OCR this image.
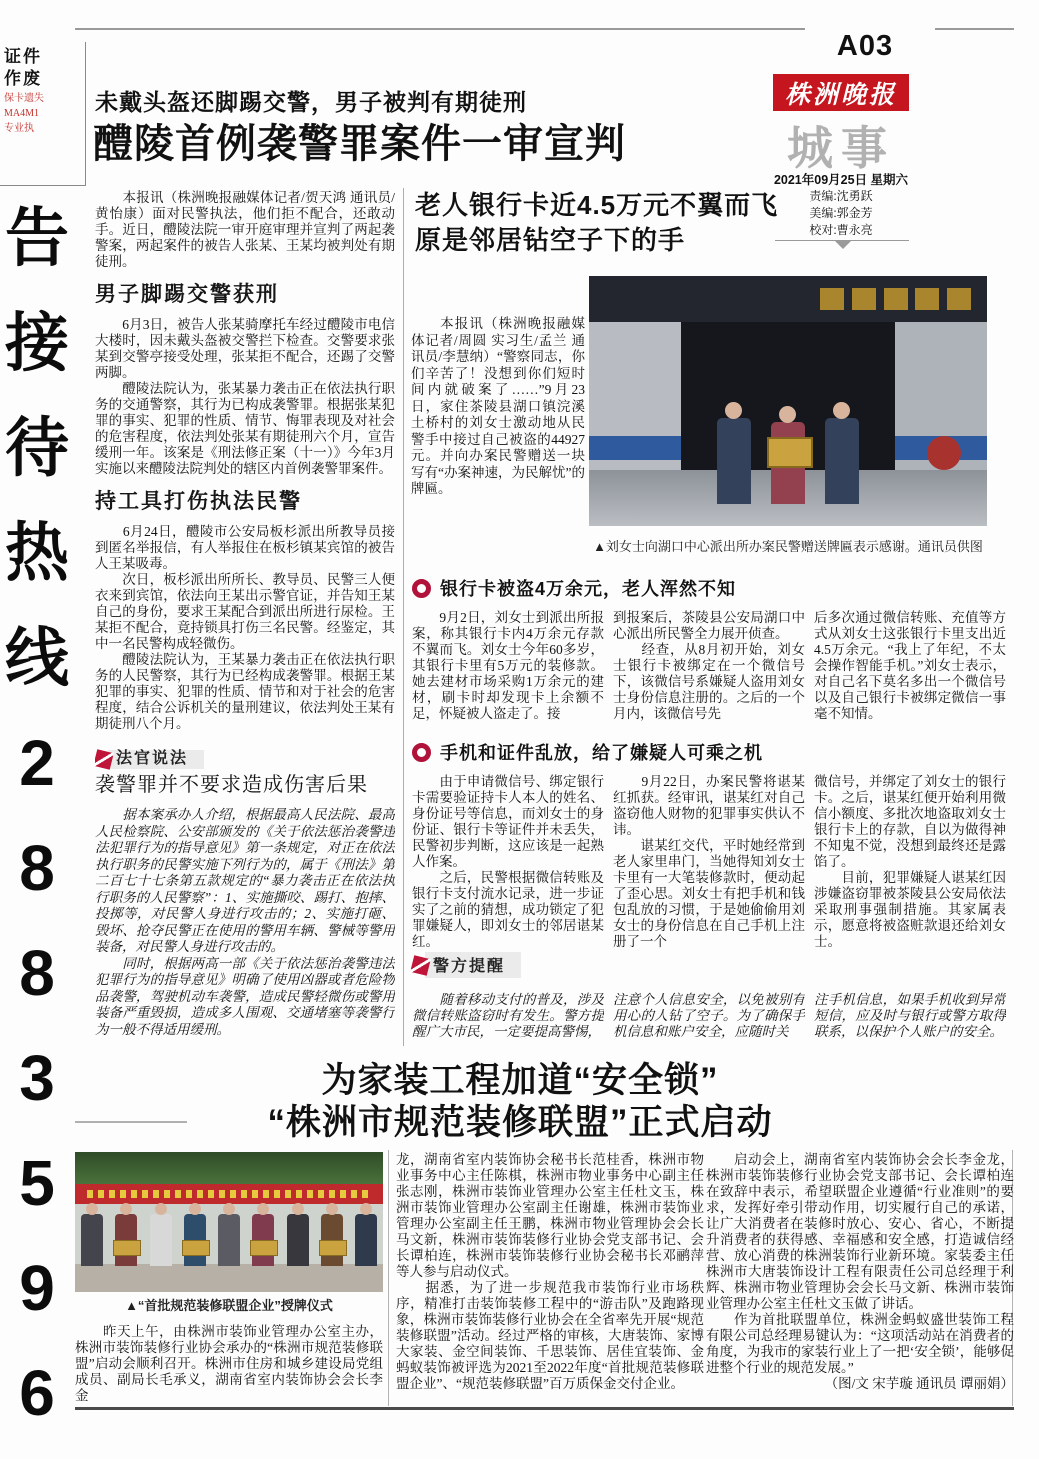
A03

证件

作废

保卡遗失

MA4M1

专业执

告
接
待
热
线
2
8
8
3
5
9
6
株洲晚报
城事
2021年09月25日 星期六

责编:沈勇跃

美编:郭金芳

校对:曹永亮

未戴头盔还脚踢交警，男子被判有期徒刑
醴陵首例袭警罪案件一审宣判

　　本报讯（株洲晚报融媒体记者/贺天鸿 通讯员/黄怡康）面对民警执法，他们拒不配合，还敢动手。近日，醴陵法院一审开庭审理并宣判了两起袭警案，两起案件的被告人张某、王某均被判处有期徒刑。

男子脚踢交警获刑

　　6月3日，被告人张某骑摩托车经过醴陵市电信大楼时，因未戴头盔被交警拦下检查。交警要求张某到交警亭接受处理，张某拒不配合，还踢了交警两脚。

　　醴陵法院认为，张某暴力袭击正在依法执行职务的交通警察，其行为已构成袭警罪。根据张某犯罪的事实、犯罪的性质、情节、悔罪表现及对社会的危害程度，依法判处张某有期徒刑六个月，宣告缓刑一年。该案是《刑法修正案（十一）》今年3月实施以来醴陵法院判处的辖区内首例袭警罪案件。

持工具打伤执法民警

　　6月24日，醴陵市公安局板杉派出所教导员接到匿名举报信，有人举报住在板杉镇某宾馆的被告人王某吸毒。

　　次日，板杉派出所所长、教导员、民警三人便衣来到宾馆，依法向王某出示警官证，并告知王某自己的身份，要求王某配合到派出所进行尿检。王某拒不配合，竟持锁具打伤三名民警。经鉴定，其中一名民警构成轻微伤。

　　醴陵法院认为，王某暴力袭击正在依法执行职务的人民警察，其行为已经构成袭警罪。根据王某犯罪的事实、犯罪的性质、情节和对于社会的危害程度，结合公诉机关的量刑建议，依法判处王某有期徒刑八个月。

法官说法
袭警罪并不要求造成伤害后果

　　据本案承办人介绍，根据最高人民法院、最高人民检察院、公安部颁发的《关于依法惩治袭警违法犯罪行为的指导意见》第一条规定，对正在依法执行职务的民警实施下列行为的，属于《刑法》第二百七十七条第五款规定的“暴力袭击正在依法执行职务的人民警察”：1、实施撕咬、踢打、抱摔、投掷等，对民警人身进行攻击的；2、实施打砸、毁坏、抢夺民警正在使用的警用车辆、警械等警用装备，对民警人身进行攻击的。

　　同时，根据两高一部《关于依法惩治袭警违法犯罪行为的指导意见》明确了使用凶器或者危险物品袭警，驾驶机动车袭警，造成民警轻微伤或警用装备严重毁损，造成多人围观、交通堵塞等袭警行为一般不得适用缓刑。

老人银行卡近4.5万元不翼而飞
原是邻居钻空子下的手

　　本报讯（株洲晚报融媒体记者/周圆 实习生/孟兰 通讯员/李慧纳）“警察同志，你们辛苦了！没想到你们短时间内就破案了……”9月23日，家住茶陵县湖口镇浣溪土桥村的刘女士激动地从民警手中接过自己被盗的44927元。并向办案民警赠送一块写有“办案神速，为民解忧”的牌匾。

▲刘女士向湖口中心派出所办案民警赠送牌匾表示感谢。通讯员供图
银行卡被盗4万余元，老人浑然不知

　　9月2日，刘女士到派出所报案，称其银行卡内4万余元存款不翼而飞。刘女士今年60多岁，其银行卡里有5万元的装修款。她去建材市场采购1万余元的建材，刷卡时却发现卡上余额不足，怀疑被人盗走了。接

到报案后，茶陵县公安局湖口中心派出所民警全力展开侦查。

　　经查，从8月初开始，刘女士银行卡被绑定在一个微信号下，该微信号系嫌疑人盗用刘女士身份信息注册的。之后的一个月内，该微信号先

后多次通过微信转账、充值等方式从刘女士这张银行卡里支出近4.5万余元。“我上了年纪，不太会操作智能手机。”刘女士表示，对自己名下莫名多出一个微信号以及自己银行卡被绑定微信一事毫不知情。

手机和证件乱放，给了嫌疑人可乘之机

　　由于申请微信号、绑定银行卡需要验证持卡人本人的姓名、身份证号等信息，而刘女士的身份证、银行卡等证件并未丢失，民警初步判断，这应该是一起熟人作案。

　　之后，民警根据微信转账及银行卡支付流水记录，进一步证实了之前的猜想，成功锁定了犯罪嫌疑人，即刘女士的邻居谌某红。

　　9月22日，办案民警将谌某红抓获。经审讯，谌某红对自己盗窃他人财物的犯罪事实供认不讳。

　　谌某红交代，平时她经常到老人家里串门，当她得知刘女士卡里有一大笔装修款时，便动起了歪心思。刘女士有把手机和钱包乱放的习惯，于是她偷偷用刘女士的身份信息在自己手机上注册了一个

微信号，并绑定了刘女士的银行卡。之后，谌某红便开始利用微信小额度、多批次地盗取刘女士银行卡上的存款，自以为做得神不知鬼不觉，没想到最终还是露馅了。

　　目前，犯罪嫌疑人谌某红因涉嫌盗窃罪被茶陵县公安局依法采取刑事强制措施。其家属表示，愿意将被盗赃款退还给刘女士。

警方提醒

　　随着移动支付的普及，涉及微信转账盗窃时有发生。警方提醒广大市民，一定要提高警惕，

注意个人信息安全，以免被别有用心的人钻了空子。为了确保手机信息和账户安全，应随时关

注手机信息，如果手机收到异常短信，应及时与银行或警方取得联系，以保护个人账户的安全。

为家装工程加道“安全锁”
“株洲市规范装修联盟”正式启动
▲“首批规范装修联盟企业”授牌仪式

　　昨天上午，由株洲市装饰业管理办公室主办，株洲市装饰装修行业协会承办的“株洲市规范装修联盟”启动会顺利召开。株洲市住房和城乡建设局党组成员、副局长毛承义，湖南省室内装饰协会会长李金

龙，湖南省室内装饰协会秘书长范桂香，株洲市物业事务中心主任陈棋，株洲市物业事务中心副主任张志刚，株洲市装饰业管理办公室主任杜文玉，株洲市装饰业管理办公室副主任谢雄，株洲市装饰业管理办公室副主任王鹏，株洲市物业管理协会会长马文新，株洲市装饰装修行业协会党支部书记、会长谭柏连，株洲市装饰装修行业协会秘书长邓鹂萍等人参与启动仪式。

　　据悉，为了进一步规范我市装饰行业市场秩序，精准打击装饰装修工程中的“游击队”及跑路现象，株洲市装饰装修行业协会在全省率先开展“规范装修联盟”活动。经过严格的审核，大唐装饰、家博大家装、金空间装饰、千思装饰、居佳宜装饰、金蚂蚁装饰被评选为2021至2022年度“首批规范装修联盟企业”、“规范装修联盟”百万质保金交付企业。

　　启动会上，湖南省室内装饰协会会长李金龙，株洲市装饰装修行业协会党支部书记、会长谭柏连在致辞中表示，希望联盟企业遵循“行业准则”的要求，发挥好牵引带动作用，切实履行自己的承诺，让广大消费者在装修时放心、安心、省心，不断提升消费者的获得感、幸福感和安全感，打造诚信经营、放心消费的株洲装饰行业新环境。家装委主任株洲市大唐装饰设计工程有限责任公司总经理于利辉、株洲市物业管理协会会长马文新、株洲市装饰业管理办公室主任杜文玉做了讲话。

　　作为首批联盟单位，株洲金蚂蚁盛世装饰工程有限公司总经理易键认为：“这项活动站在消费者的角度，为我市的家装行业上了一把‘安全锁’，能够促进整个行业的规范发展。”

（图/文 宋芋璇 通讯员 谭丽娟）
